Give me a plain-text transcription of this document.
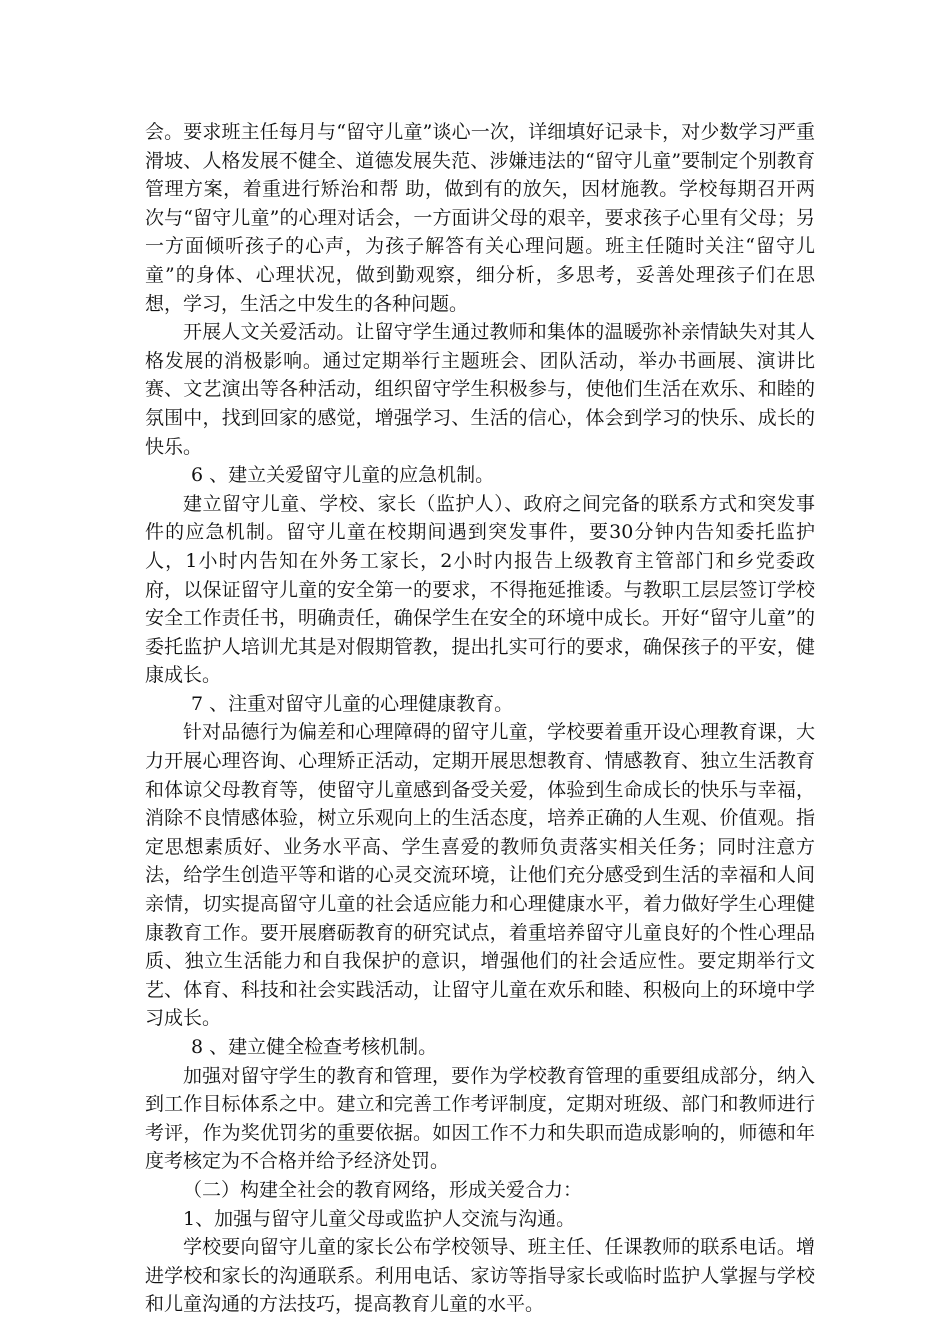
会。要求班主任每月与“留守儿童”谈心一次，详细填好记录卡，对少数学习严重滑坡、人格发展不健全、道德发展失范、涉嫌违法的“留守儿童”要制定个别教育管理方案，着重进行矫治和帮 助，做到有的放矢，因材施教。学校每期召开两次与“留守儿童”的心理对话会，一方面讲父母的艰辛，要求孩子心里有父母；另一方面倾听孩子的心声，为孩子解答有关心理问题。班主任随时关注“留守儿童”的身体、心理状况，做到勤观察，细分析，多思考，妥善处理孩子们在思想，学习，生活之中发生的各种问题。

开展人文关爱活动。让留守学生通过教师和集体的温暖弥补亲情缺失对其人格发展的消极影响。通过定期举行主题班会、团队活动，举办书画展、演讲比赛、文艺演出等各种活动，组织留守学生积极参与，使他们生活在欢乐、和睦的氛围中，找到回家的感觉，增强学习、生活的信心，体会到学习的快乐、成长的快乐。

6 、建立关爱留守儿童的应急机制。

建立留守儿童、学校、家长（监护人）、政府之间完备的联系方式和突发事件的应急机制。留守儿童在校期间遇到突发事件，要30分钟内告知委托监护人，1小时内告知在外务工家长，2小时内报告上级教育主管部门和乡党委政府，以保证留守儿童的安全第一的要求，不得拖延推诿。与教职工层层签订学校安全工作责任书，明确责任，确保学生在安全的环境中成长。开好“留守儿童”的委托监护人培训尤其是对假期管教，提出扎实可行的要求，确保孩子的平安，健康成长。

7 、注重对留守儿童的心理健康教育。

针对品德行为偏差和心理障碍的留守儿童，学校要着重开设心理教育课，大力开展心理咨询、心理矫正活动，定期开展思想教育、情感教育、独立生活教育和体谅父母教育等，使留守儿童感到备受关爱，体验到生命成长的快乐与幸福，消除不良情感体验，树立乐观向上的生活态度，培养正确的人生观、价值观。指定思想素质好、业务水平高、学生喜爱的教师负责落实相关任务；同时注意方法，给学生创造平等和谐的心灵交流环境，让他们充分感受到生活的幸福和人间亲情，切实提高留守儿童的社会适应能力和心理健康水平，着力做好学生心理健康教育工作。要开展磨砺教育的研究试点，着重培养留守儿童良好的个性心理品质、独立生活能力和自我保护的意识，增强他们的社会适应性。要定期举行文艺、体育、科技和社会实践活动，让留守儿童在欢乐和睦、积极向上的环境中学习成长。

8 、建立健全检查考核机制。

加强对留守学生的教育和管理，要作为学校教育管理的重要组成部分，纳入到工作目标体系之中。建立和完善工作考评制度，定期对班级、部门和教师进行考评，作为奖优罚劣的重要依据。如因工作不力和失职而造成影响的，师德和年度考核定为不合格并给予经济处罚。

（二）构建全社会的教育网络，形成关爱合力：

1、加强与留守儿童父母或监护人交流与沟通。

学校要向留守儿童的家长公布学校领导、班主任、任课教师的联系电话。增进学校和家长的沟通联系。利用电话、家访等指导家长或临时监护人掌握与学校和儿童沟通的方法技巧，提高教育儿童的水平。
